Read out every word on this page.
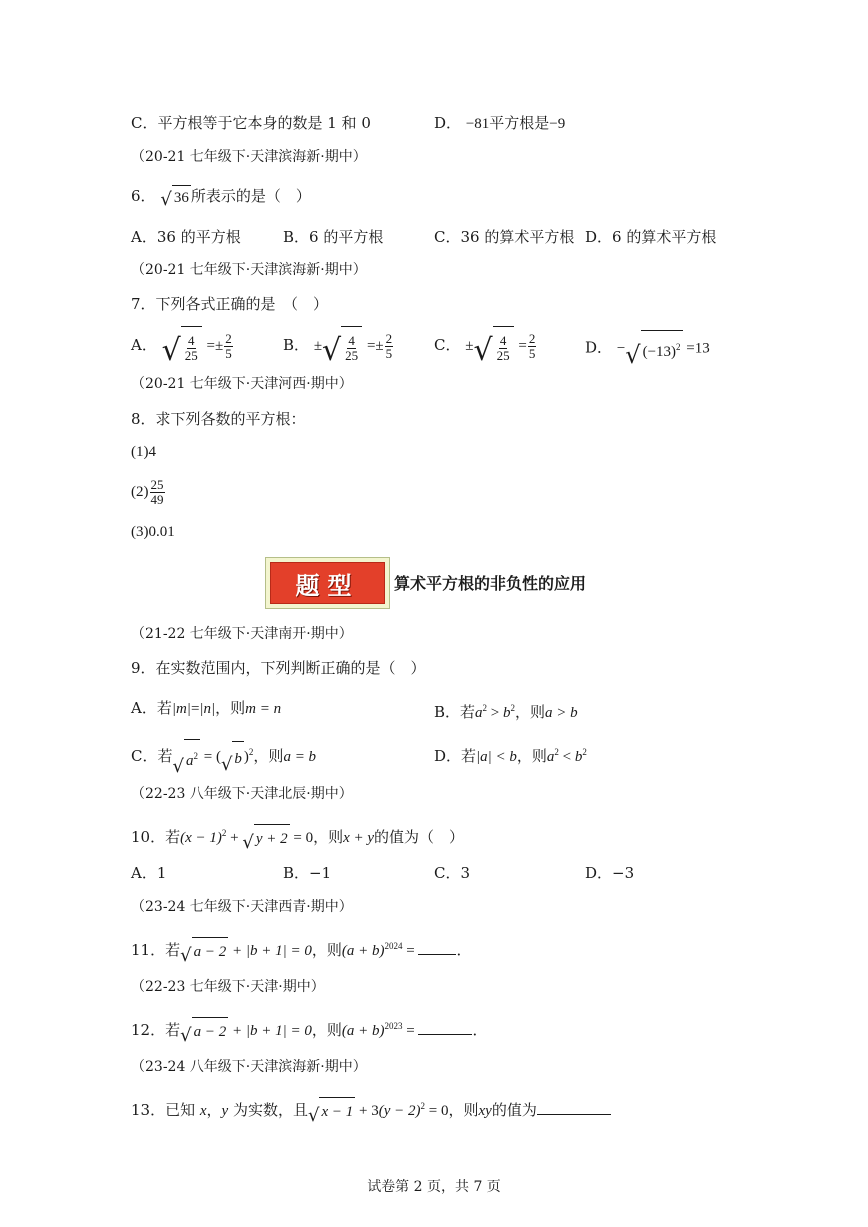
C．平方根等于它本身的数是 1 和 0	D． −81平方根是−9
（20-21 七年级下·天津滨海新·期中）
6． √ 36 所表示的是（　）
A．36 的平方根	B．6 的平方根	C．36 的算术平方根 D．6 的算术平方根
（20-21 七年级下·天津滨海新·期中）
7．下列各式正确的是　（　）
A． √ $\frac{4}{25} =\pm \frac{2}{5}$	B． ± √ $\frac{4}{25} =\pm \frac{2}{5}$	C． ± √ $\frac{4}{25} = \frac{2}{5}$	D． − √ $(-13)^2 =13$
（20-21 七年级下·天津河西·期中）
8．求下列各数的平方根：
(1)4
$(2) \frac{25}{49}$
(3)0.01
题型	算术平方根的非负性的应用
（21-22 七年级下·天津南开·期中）
9．在实数范围内，下列判断正确的是（　）
A．若|m|=|n|，则m = n	B．若$a^2 > b^2$，则a > b
C．若 √ $a^2$ = ( √ b )$^2$，则a = b	D．若|a| < b，则$a^2 < b^2$
（22-23 八年级下·天津北辰·期中）
10．若$(x - 1)^2$ + √ y + 2 = 0，则x + y的值为（　）
A．1	B．−1	C．3	D．−3
（23-24 七年级下·天津西青·期中）
11．若 √ a − 2 + |b + 1| = 0，则$(a + b)^{2024}$ =	．
（22-23 七年级下·天津·期中）
12．若 √ a − 2 + |b + 1| = 0，则$(a + b)^{2023}$ =	．
（23-24 八年级下·天津滨海新·期中）
13．已知 x，y 为实数，且 √ $x - 1 + 3(y - 2)^2 = 0$，则xy的值为
试卷第 2 页，共 7 页
